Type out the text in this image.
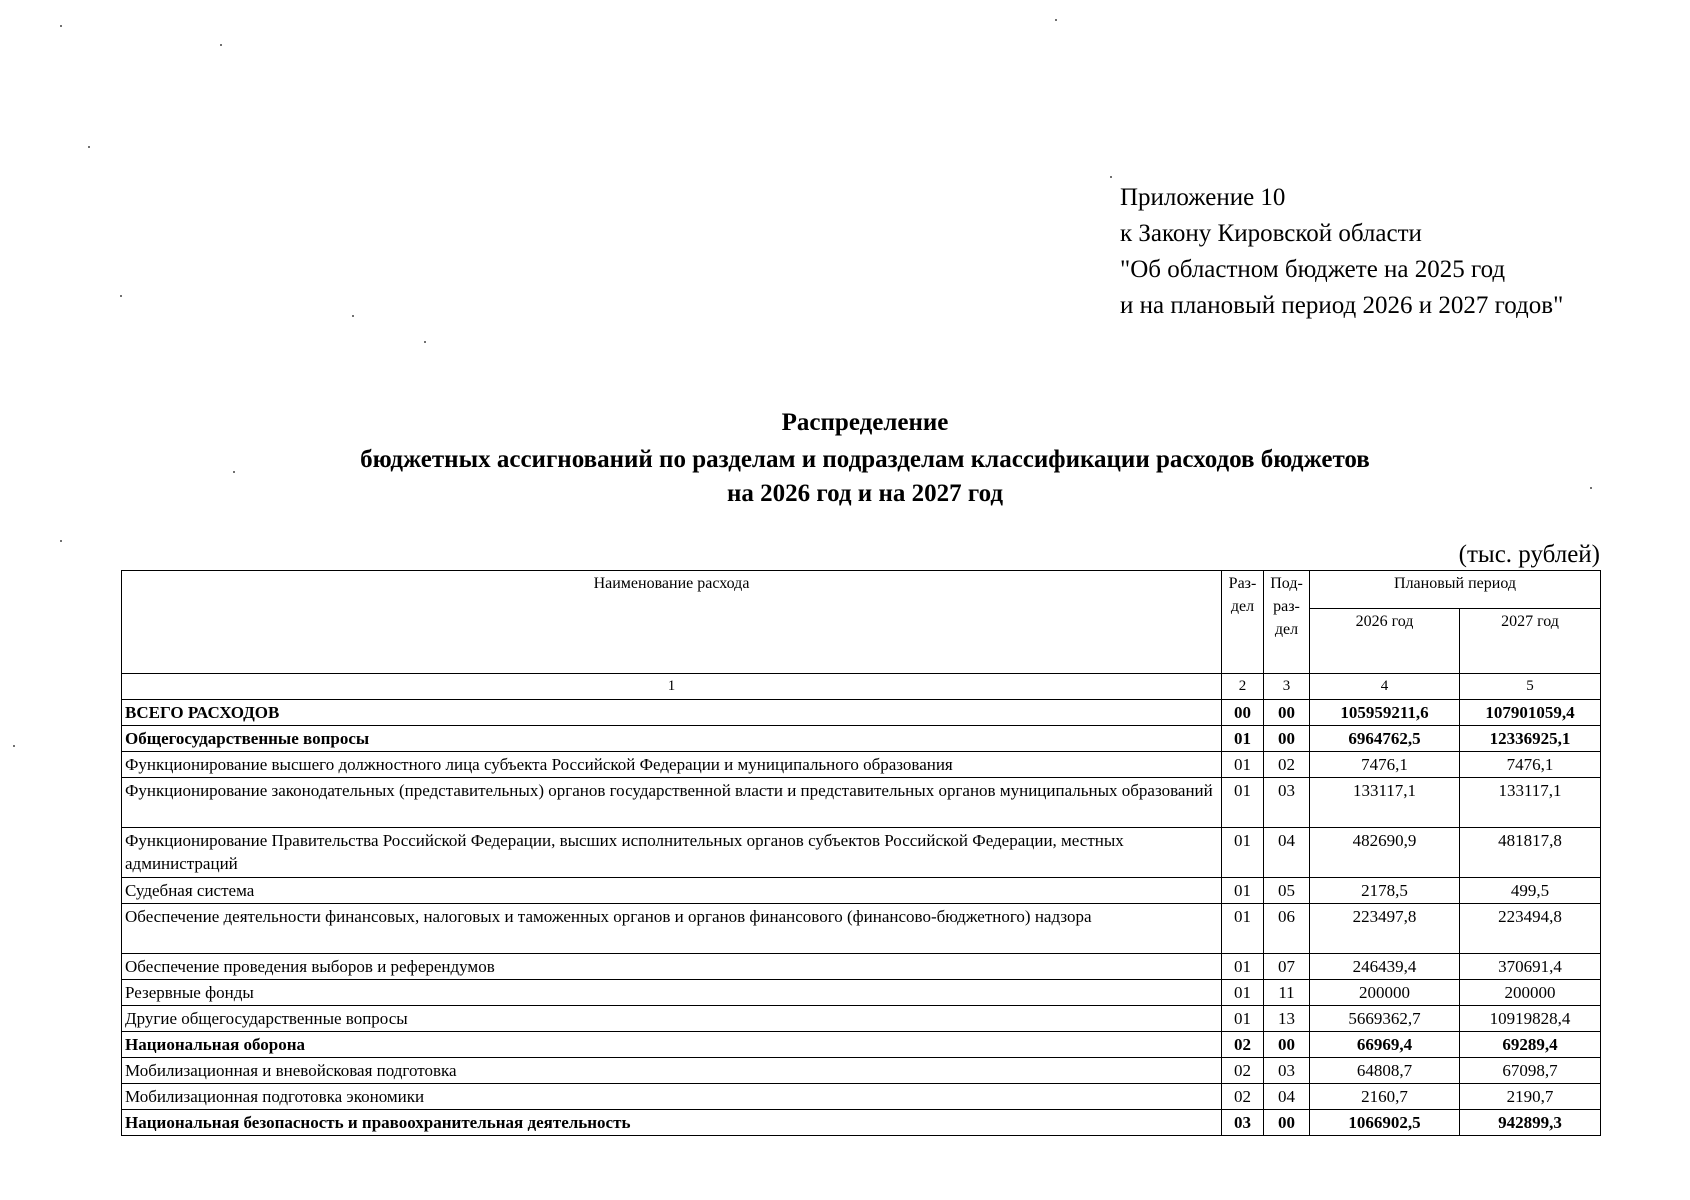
Приложение 10
к Закону Кировской области
"Об областном бюджете на 2025 год
и на плановый период 2026 и 2027 годов"
Распределение
бюджетных ассигнований по разделам и подразделам классификации расходов бюджетов
на 2026 год и на 2027 год
(тыс. рублей)
Наименование расхода	Раз- дел	Под- раз- дел	Плановый период	
			2026 год	2027 год
1	2	3	4	5
ВСЕГО РАСХОДОВ	00	00	105959211,6	107901059,4
Общегосударственные вопросы	01	00	6964762,5	12336925,1
Функционирование высшего должностного лица субъекта Российской Федерации и муниципального образования	01	02	7476,1	7476,1
Функционирование законодательных (представительных) органов государственной власти и представительных органов муниципальных образований	01	03	133117,1	133117,1
Функционирование Правительства Российской Федерации, высших исполнительных органов субъектов Российской Федерации, местных администраций	01	04	482690,9	481817,8
Судебная система	01	05	2178,5	499,5
Обеспечение деятельности финансовых, налоговых и таможенных органов и органов финансового (финансово-бюджетного) надзора	01	06	223497,8	223494,8
Обеспечение проведения выборов и референдумов	01	07	246439,4	370691,4
Резервные фонды	01	11	200000	200000
Другие общегосударственные вопросы	01	13	5669362,7	10919828,4
Национальная оборона	02	00	66969,4	69289,4
Мобилизационная и вневойсковая подготовка	02	03	64808,7	67098,7
Мобилизационная подготовка экономики	02	04	2160,7	2190,7
Национальная безопасность и правоохранительная деятельность	03	00	1066902,5	942899,3
